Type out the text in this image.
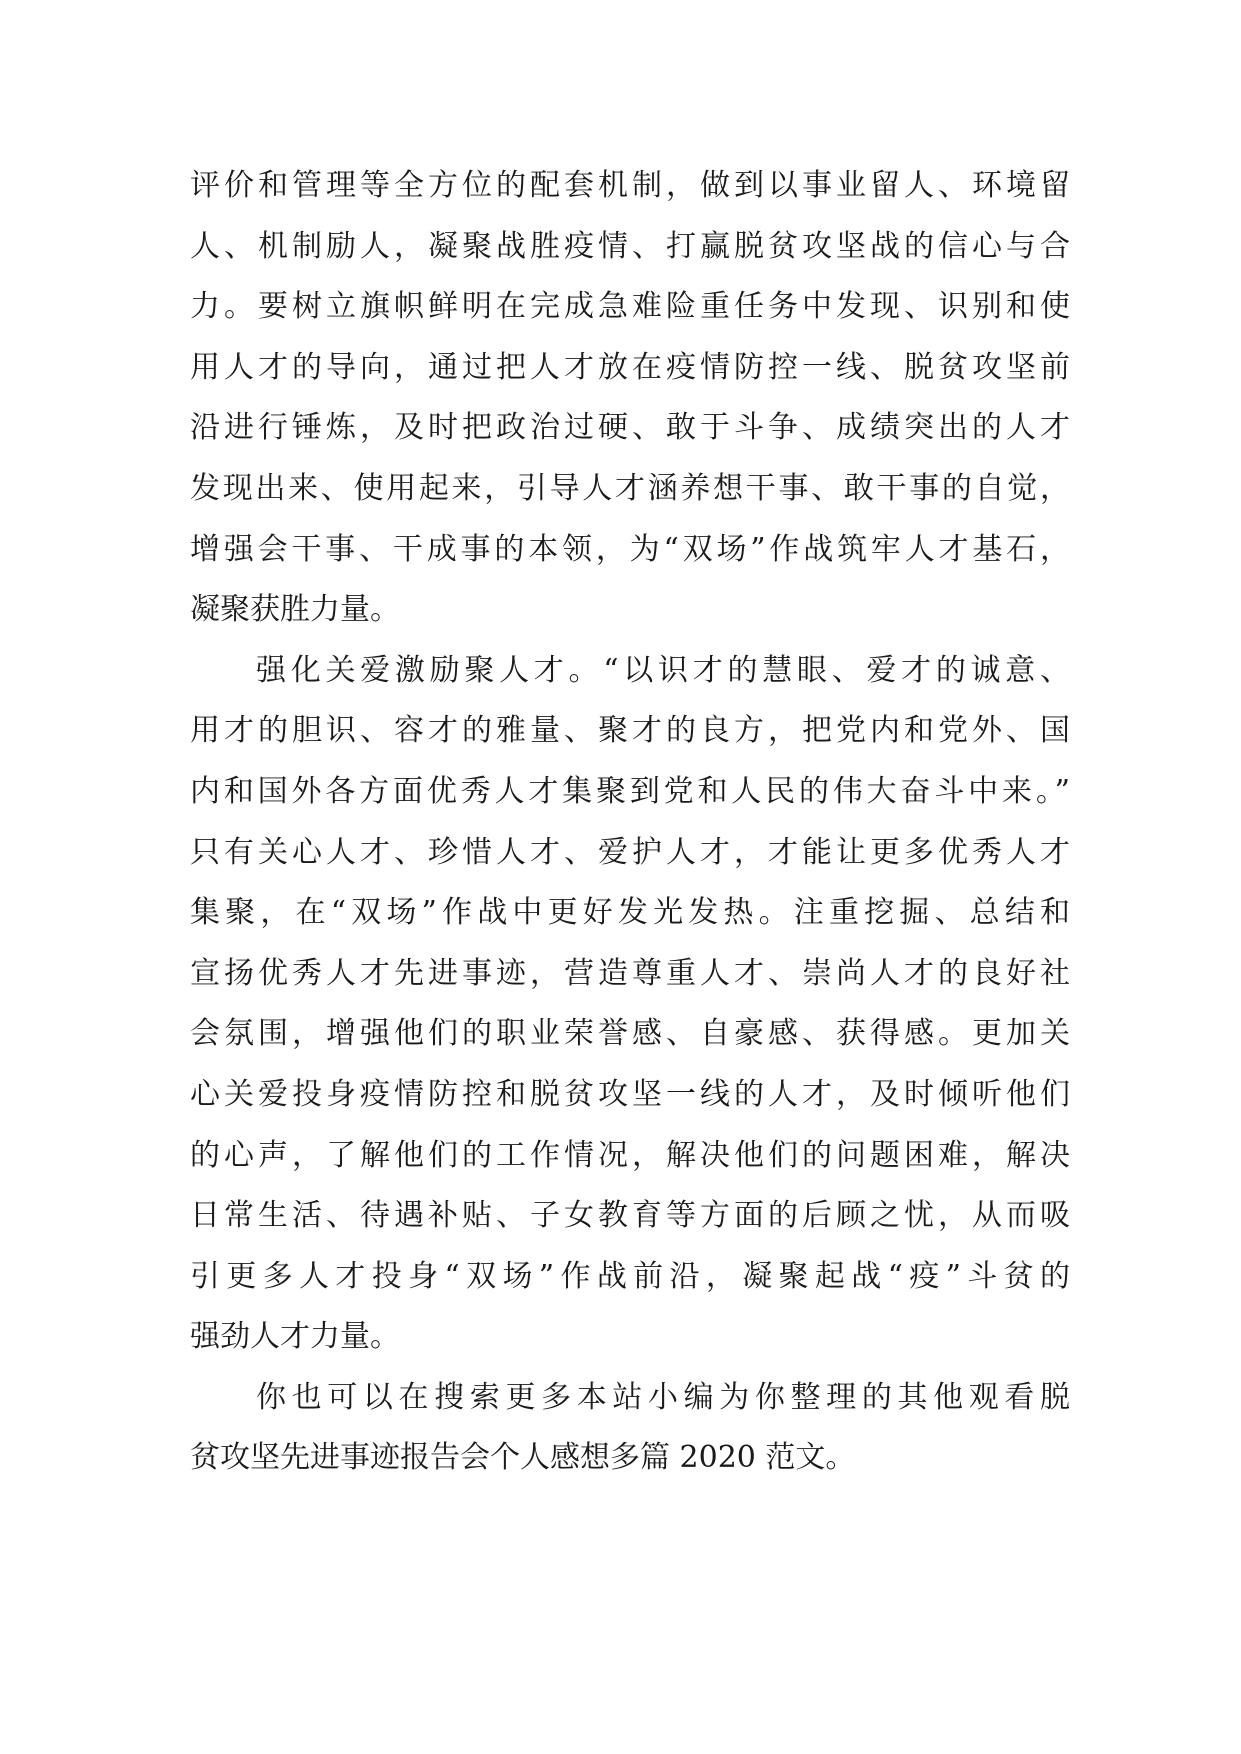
评价和管理等全方位的配套机制，做到以事业留人、环境留
人、机制励人，凝聚战胜疫情、打赢脱贫攻坚战的信心与合
力。要树立旗帜鲜明在完成急难险重任务中发现、识别和使
用人才的导向，通过把人才放在疫情防控一线、脱贫攻坚前
沿进行锤炼，及时把政治过硬、敢于斗争、成绩突出的人才
发现出来、使用起来，引导人才涵养想干事、敢干事的自觉，
增强会干事、干成事的本领，为“双场”作战筑牢人才基石，
凝聚获胜力量。
强化关爱激励聚人才。“以识才的慧眼、爱才的诚意、
用才的胆识、容才的雅量、聚才的良方，把党内和党外、国
内和国外各方面优秀人才集聚到党和人民的伟大奋斗中来。”
只有关心人才、珍惜人才、爱护人才，才能让更多优秀人才
集聚，在“双场”作战中更好发光发热。注重挖掘、总结和
宣扬优秀人才先进事迹，营造尊重人才、崇尚人才的良好社
会氛围，增强他们的职业荣誉感、自豪感、获得感。更加关
心关爱投身疫情防控和脱贫攻坚一线的人才，及时倾听他们
的心声，了解他们的工作情况，解决他们的问题困难，解决
日常生活、待遇补贴、子女教育等方面的后顾之忧，从而吸
引更多人才投身“双场”作战前沿，凝聚起战“疫”斗贫的
强劲人才力量。
你也可以在搜索更多本站小编为你整理的其他观看脱
贫攻坚先进事迹报告会个人感想多篇 2020 范文。
